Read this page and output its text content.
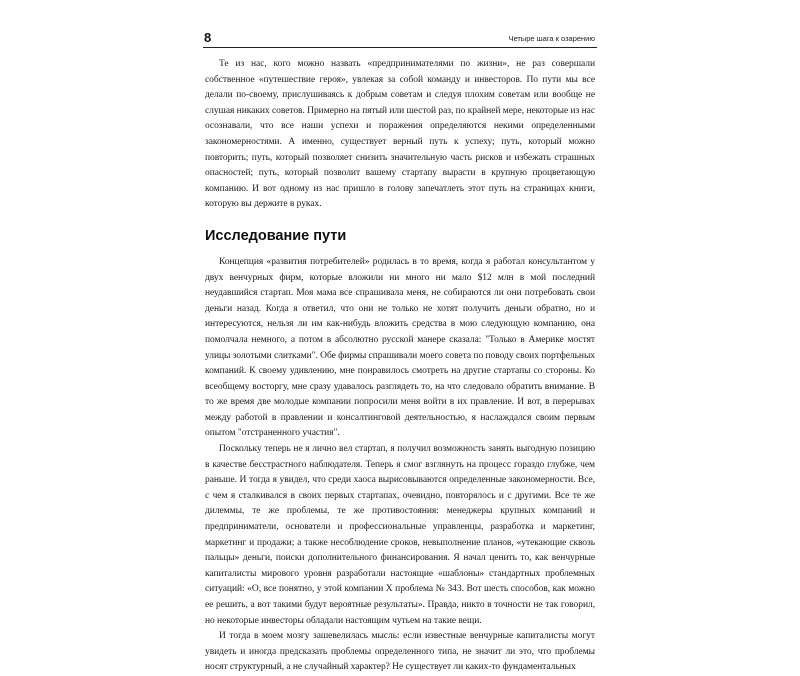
8	Четыре шага к озарению

Те из нас, кого можно назвать «предпринимателями по жизни», не раз совершали собственное «путешествие героя», увлекая за собой команду и инвесторов. По пути мы все делали по-своему, прислушиваясь к добрым советам и следуя плохим советам или вообще не слушая никаких советов. Примерно на пятый или шестой раз, по крайней мере, некоторые из нас осознавали, что все наши успехи и поражения определяются некими определенными закономерностями. А именно, существует верный путь к успеху; путь, который можно повторить; путь, который позволяет снизить значительную часть рисков и избежать страшных опасностей; путь, который позволит вашему стартапу вырасти в крупную процветающую компанию. И вот одному из нас пришло в голову запечатлеть этот путь на страницах книги, которую вы держите в руках.

Исследование пути

Концепция «развития потребителей» родилась в то время, когда я работал консультантом у двух венчурных фирм, которые вложили ни много ни мало $12 млн в мой последний неудавшийся стартап. Моя мама все спрашивала меня, не собираются ли они потребовать свои деньги назад. Когда я ответил, что они не только не хотят получить деньги обратно, но и интересуются, нельзя ли им как-нибудь вложить средства в мою следующую компанию, она помолчала немного, а потом в абсолютно русской манере сказала: "Только в Америке мостят улицы золотыми слитками". Обе фирмы спрашивали моего совета по поводу своих портфельных компаний. К своему удивлению, мне понравилось смотреть на другие стартапы со стороны. Ко всеобщему восторгу, мне сразу удавалось разглядеть то, на что следовало обратить внимание. В то же время две молодые компании попросили меня войти в их правление. И вот, в перерывах между работой в правлении и консалтинговой деятельностью, я наслаждался своим первым опытом "отстраненного участия".

Поскольку теперь не я лично вел стартап, я получил возможность занять выгодную позицию в качестве бесстрастного наблюдателя. Теперь я смог взглянуть на процесс гораздо глубже, чем раньше. И тогда я увидел, что среди хаоса вырисовываются определенные закономерности. Все, с чем я сталкивался в своих первых стартапах, очевидно, повторялось и с другими. Все те же дилеммы, те же проблемы, те же противостояния: менеджеры крупных компаний и предприниматели, основатели и профессиональные управленцы, разработка и маркетинг, маркетинг и продажи; а также несоблюдение сроков, невыполнение планов, «утекающие сквозь пальцы» деньги, поиски дополнительного финансирования. Я начал ценить то, как венчурные капиталисты мирового уровня разработали настоящие «шаблоны» стандартных проблемных ситуаций: «О, все понятно, у этой компании Х проблема № 343. Вот шесть способов, как можно ее решить, а вот такими будут вероятные результаты». Правда, никто в точности не так говорил, но некоторые инвесторы обладали настоящим чутьем на такие вещи.

И тогда в моем мозгу зашевелилась мысль: если известные венчурные капиталисты могут увидеть и иногда предсказать проблемы определенного типа, не значит ли это, что проблемы носят структурный, а не случайный характер? Не существует ли каких-то фундаментальных
